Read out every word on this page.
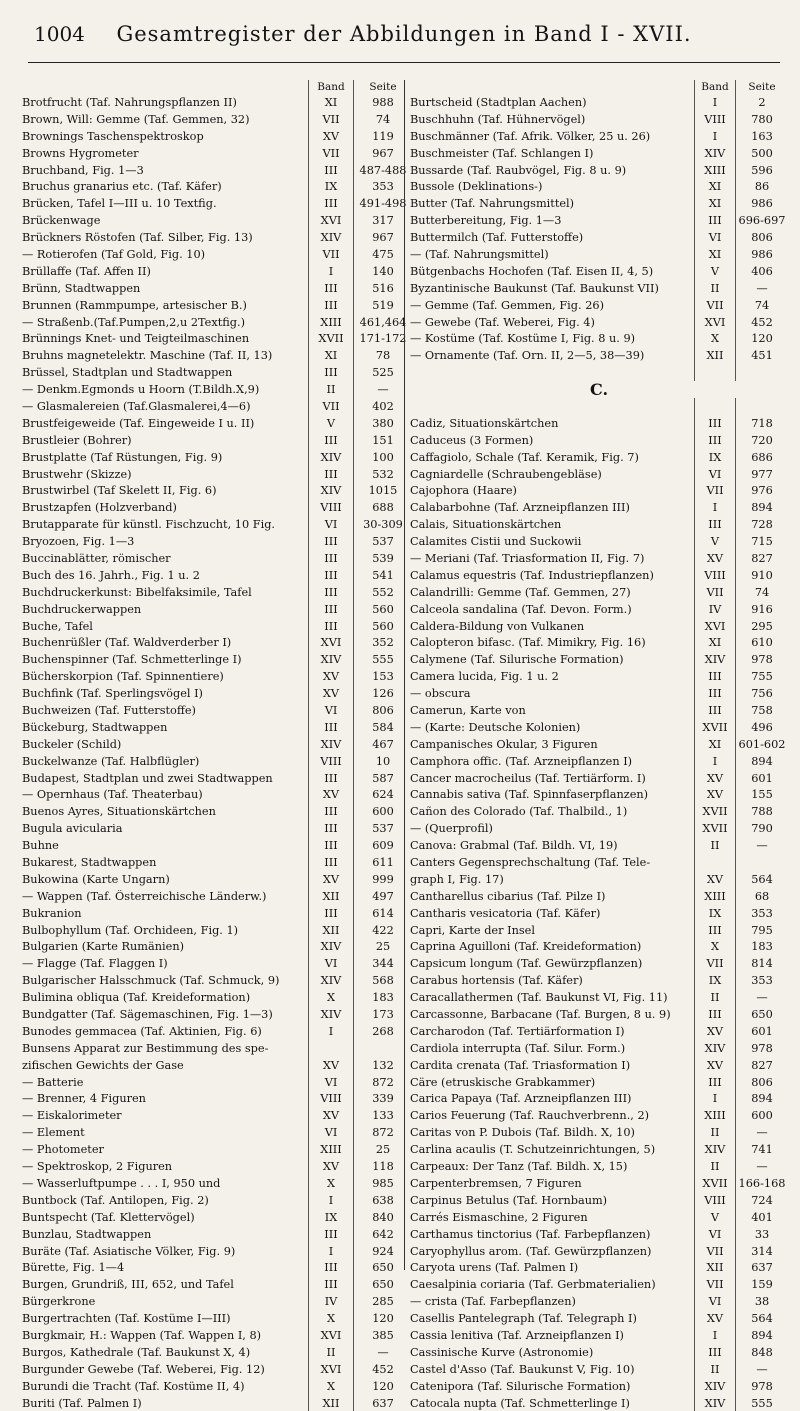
1004	Gesamtregister der Abbildungen in Band I - XVII.
Band	Seite
Brotfrucht (Taf. Nahrungspflanzen II)	XI	988
Brown, Will: Gemme (Taf. Gemmen, 32)	VII	74
Brownings Taschenspektroskop	XV	119
Browns Hygrometer	VII	967
Bruchband, Fig. 1—3	III	487-488
Bruchus granarius etc. (Taf. Käfer)	IX	353
Brücken, Tafel I—III u. 10 Textfig.	III	491-498
Brückenwage	XVI	317
Brückners Röstofen (Taf. Silber, Fig. 13)	XIV	967
— Rotierofen (Taf Gold, Fig. 10)	VII	475
Brüllaffe (Taf. Affen II)	I	140
Brünn, Stadtwappen	III	516
Brunnen (Rammpumpe, artesischer B.)	III	519
— Straßenb.(Taf.Pumpen,2,u 2Textfig.)	XIII	461,464
Brünnings Knet- und Teigteilmaschinen	XVII	171-172
Bruhns magnetelektr. Maschine (Taf. II, 13)	XI	78
Brüssel, Stadtplan und Stadtwappen	III	525
— Denkm.Egmonds u Hoorn (T.Bildh.X,9)	II	—
— Glasmalereien (Taf.Glasmalerei,4—6)	VII	402
Brustfeigeweide (Taf. Eingeweide I u. II)	V	380
Brustleier (Bohrer)	III	151
Brustplatte (Taf Rüstungen, Fig. 9)	XIV	100
Brustwehr (Skizze)	III	532
Brustwirbel (Taf Skelett II, Fig. 6)	XIV	1015
Brustzapfen (Holzverband)	VIII	688
Brutapparate für künstl. Fischzucht, 10 Fig.	VI	30-309
Bryozoen, Fig. 1—3	III	537
Buccinablätter, römischer	III	539
Buch des 16. Jahrh., Fig. 1 u. 2	III	541
Buchdruckerkunst: Bibelfaksimile, Tafel	III	552
Buchdruckerwappen	III	560
Buche, Tafel	III	560
Buchenrüßler (Taf. Waldverderber I)	XVI	352
Buchenspinner (Taf. Schmetterlinge I)	XIV	555
Bücherskorpion (Taf. Spinnentiere)	XV	153
Buchfink (Taf. Sperlingsvögel I)	XV	126
Buchweizen (Taf. Futterstoffe)	VI	806
Bückeburg, Stadtwappen	III	584
Buckeler (Schild)	XIV	467
Buckelwanze (Taf. Halbflügler)	VIII	10
Budapest, Stadtplan und zwei Stadtwappen	III	587
— Opernhaus (Taf. Theaterbau)	XV	624
Buenos Ayres, Situationskärtchen	III	600
Bugula avicularia	III	537
Buhne	III	609
Bukarest, Stadtwappen	III	611
Bukowina (Karte Ungarn)	XV	999
— Wappen (Taf. Österreichische Länderw.)	XII	497
Bukranion	III	614
Bulbophyllum (Taf. Orchideen, Fig. 1)	XII	422
Bulgarien (Karte Rumänien)	XIV	25
— Flagge (Taf. Flaggen I)	VI	344
Bulgarischer Halsschmuck (Taf. Schmuck, 9)	XIV	568
Bulimina obliqua (Taf. Kreideformation)	X	183
Bundgatter (Taf. Sägemaschinen, Fig. 1—3)	XIV	173
Bunodes gemmacea (Taf. Aktinien, Fig. 6)	I	268
Bunsens Apparat zur Bestimmung des spe-
zifischen Gewichts der Gase	XV	132
— Batterie	VI	872
— Brenner, 4 Figuren	VIII	339
— Eiskalorimeter	XV	133
— Element	VI	872
— Photometer	XIII	25
— Spektroskop, 2 Figuren	XV	118
— Wasserluftpumpe . . . I, 950 und	X	985
Buntbock (Taf. Antilopen, Fig. 2)	I	638
Buntspecht (Taf. Klettervögel)	IX	840
Bunzlau, Stadtwappen	III	642
Buräte (Taf. Asiatische Völker, Fig. 9)	I	924
Bürette, Fig. 1—4	III	650
Burgen, Grundriß, III, 652, und Tafel	III	650
Bürgerkrone	IV	285
Burgertrachten (Taf. Kostüme I—III)	X	120
Burgkmair, H.: Wappen (Taf. Wappen I, 8)	XVI	385
Burgos, Kathedrale (Taf. Baukunst X, 4)	II	—
Burgunder Gewebe (Taf. Weberei, Fig. 12)	XVI	452
Burundi die Tracht (Taf. Kostüme II, 4)	X	120
Buriti (Taf. Palmen I)	XII	637
Band	Seite
Burtscheid (Stadtplan Aachen)	I	2
Buschhuhn (Taf. Hühnervögel)	VIII	780
Buschmänner (Taf. Afrik. Völker, 25 u. 26)	I	163
Buschmeister (Taf. Schlangen I)	XIV	500
Bussarde (Taf. Raubvögel, Fig. 8 u. 9)	XIII	596
Bussole (Deklinations-)	XI	86
Butter (Taf. Nahrungsmittel)	XI	986
Butterbereitung, Fig. 1—3	III	696-697
Buttermilch (Taf. Futterstoffe)	VI	806
— (Taf. Nahrungsmittel)	XI	986
Bütgenbachs Hochofen (Taf. Eisen II, 4, 5)	V	406
Byzantinische Baukunst (Taf. Baukunst VII)	II	—
— Gemme (Taf. Gemmen, Fig. 26)	VII	74
— Gewebe (Taf. Weberei, Fig. 4)	XVI	452
— Kostüme (Taf. Kostüme I, Fig. 8 u. 9)	X	120
— Ornamente (Taf. Orn. II, 2—5, 38—39)	XII	451
C.
Cadiz, Situationskärtchen	III	718
Caduceus (3 Formen)	III	720
Caffagiolo, Schale (Taf. Keramik, Fig. 7)	IX	686
Cagniardelle (Schraubengebläse)	VI	977
Cajophora (Haare)	VII	976
Calabarbohne (Taf. Arzneipflanzen III)	I	894
Calais, Situationskärtchen	III	728
Calamites Cistii und Suckowii	V	715
— Meriani (Taf. Triasformation II, Fig. 7)	XV	827
Calamus equestris (Taf. Industriepflanzen)	VIII	910
Calandrilli: Gemme (Taf. Gemmen, 27)	VII	74
Calceola sandalina (Taf. Devon. Form.)	IV	916
Caldera-Bildung von Vulkanen	XVI	295
Calopteron bifasc. (Taf. Mimikry, Fig. 16)	XI	610
Calymene (Taf. Silurische Formation)	XIV	978
Camera lucida, Fig. 1 u. 2	III	755
— obscura	III	756
Camerun, Karte von	III	758
— (Karte: Deutsche Kolonien)	XVII	496
Campanisches Okular, 3 Figuren	XI	601-602
Camphora offic. (Taf. Arzneipflanzen I)	I	894
Cancer macrocheilus (Taf. Tertiärform. I)	XV	601
Cannabis sativa (Taf. Spinnfaserpflanzen)	XV	155
Cañon des Colorado (Taf. Thalbild., 1)	XVII	788
— (Querprofil)	XVII	790
Canova: Grabmal (Taf. Bildh. VI, 19)	II	—
Canters Gegensprechschaltung (Taf. Tele-
graph I, Fig. 17)	XV	564
Cantharellus cibarius (Taf. Pilze I)	XIII	68
Cantharis vesicatoria (Taf. Käfer)	IX	353
Capri, Karte der Insel	III	795
Caprina Aguilloni (Taf. Kreideformation)	X	183
Capsicum longum (Taf. Gewürzpflanzen)	VII	814
Carabus hortensis (Taf. Käfer)	IX	353
Caracallathermen (Taf. Baukunst VI, Fig. 11)	II	—
Carcassonne, Barbacane (Taf. Burgen, 8 u. 9)	III	650
Carcharodon (Taf. Tertiärformation I)	XV	601
Cardiola interrupta (Taf. Silur. Form.)	XIV	978
Cardita crenata (Taf. Triasformation I)	XV	827
Cäre (etruskische Grabkammer)	III	806
Carica Papaya (Taf. Arzneipflanzen III)	I	894
Carios Feuerung (Taf. Rauchverbrenn., 2)	XIII	600
Caritas von P. Dubois (Taf. Bildh. X, 10)	II	—
Carlina acaulis (T. Schutzeinrichtungen, 5)	XIV	741
Carpeaux: Der Tanz (Taf. Bildh. X, 15)	II	—
Carpenterbremsen, 7 Figuren	XVII 166-168
Carpinus Betulus (Taf. Hornbaum)	VIII	724
Carrés Eismaschine, 2 Figuren	V	401
Carthamus tinctorius (Taf. Farbepflanzen)	VI	33
Caryophyllus arom. (Taf. Gewürzpflanzen)	VII	314
Caryota urens (Taf. Palmen I)	XII	637
Caesalpinia coriaria (Taf. Gerbmaterialien)	VII	159
— crista (Taf. Farbepflanzen)	VI	38
Casellis Pantelegraph (Taf. Telegraph I)	XV	564
Cassia lenitiva (Taf. Arzneipflanzen I)	I	894
Cassinische Kurve (Astronomie)	III	848
Castel d'Asso (Taf. Baukunst V, Fig. 10)	II	—
Catenipora (Taf. Silurische Formation)	XIV	978
Catocala nupta (Taf. Schmetterlinge I)	XIV	555
